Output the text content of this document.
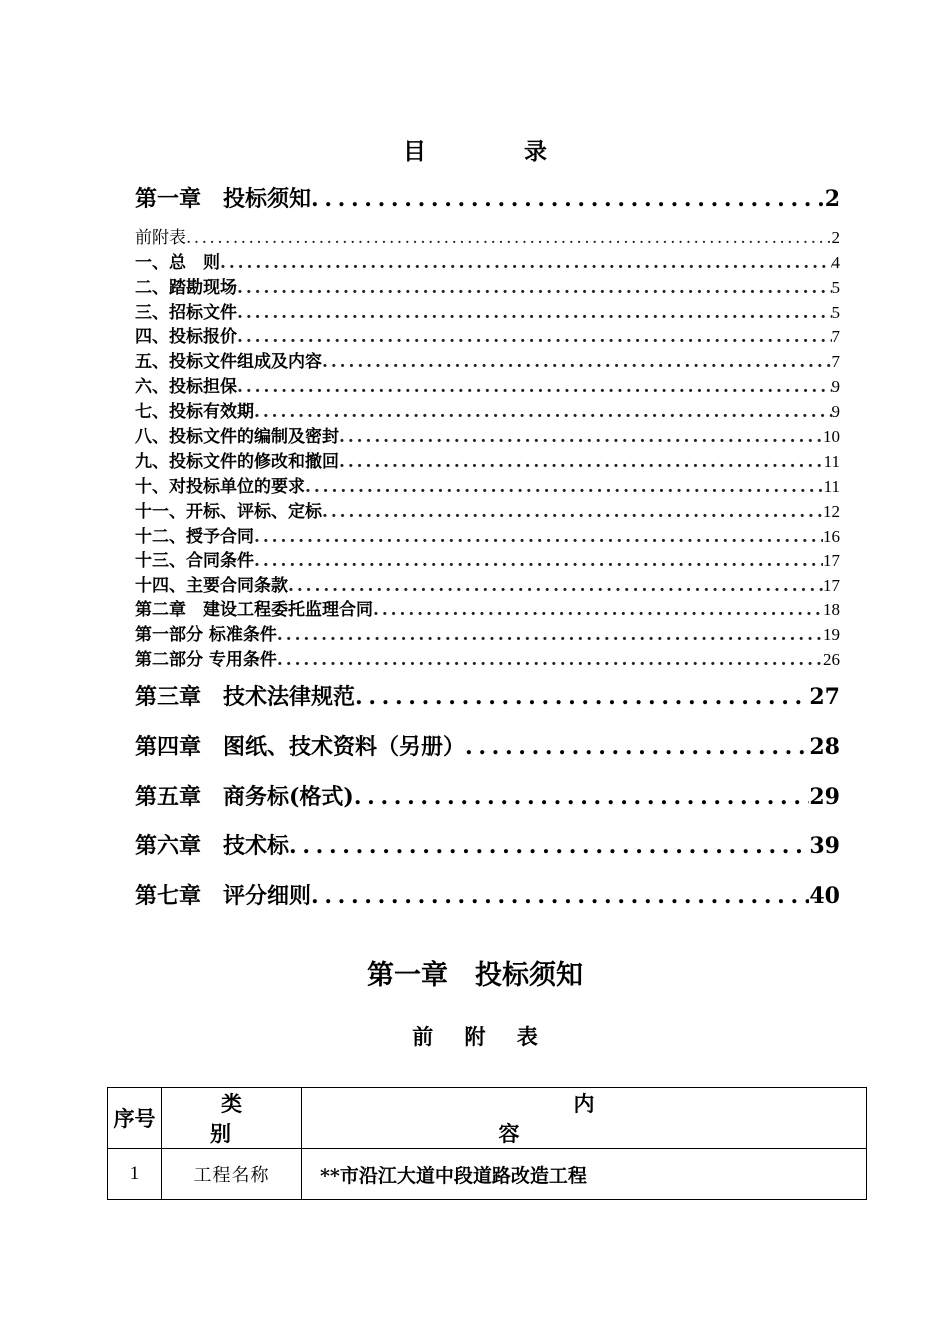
目 录
第一章　投标须知 . . .	2
前附表 . . .	2
一、总　则 . . .	4
二、踏勘现场 . . .	5
三、招标文件 . . .	5
四、投标报价 . . .	7
五、投标文件组成及内容 . . .	7
六、投标担保 . . .	9
七、投标有效期 . . .	9
八、投标文件的编制及密封 . . .	10
九、投标文件的修改和撤回 . . .	11
十、对投标单位的要求 . . .	11
十一、开标、评标、定标 . . .	12
十二、授予合同 . . .	16
十三、合同条件 . . .	17
十四、主要合同条款 . . .	17
第二章　建设工程委托监理合同 . . .	18
第一部分 标准条件 . . .	19
第二部分 专用条件 . . .	26
第三章　技术法律规范 . . .	27
第四章　图纸、技术资料（另册） . . .	28
第五章　商务标(格式) . . .	29
第六章　技术标 . . .	39
第七章　评分细则 . . .	40
第一章　投标须知
前 附 表
序号	类　别	内　容
1	工程名称	**市沿江大道中段道路改造工程
